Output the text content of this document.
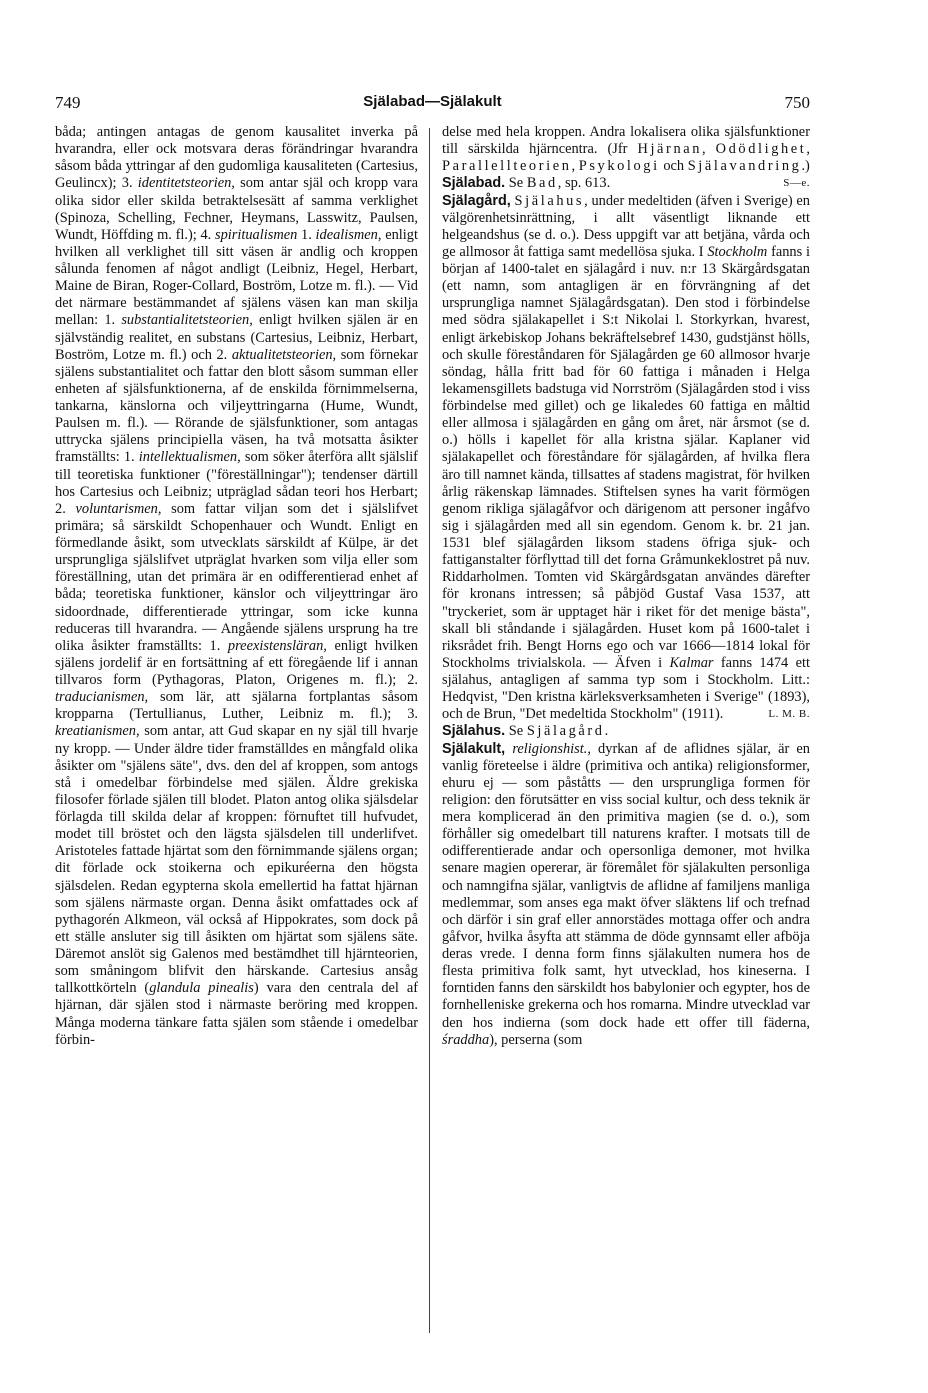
749	Själabad—Själakult	750

båda; antingen antagas de genom kausalitet inverka på hvarandra, eller ock motsvara deras förändringar hvarandra såsom båda yttringar af den gudomliga kausaliteten (Cartesius, Geulincx); 3. identitetsteorien, som antar själ och kropp vara olika sidor eller skilda betraktelsesätt af samma verklighet (Spinoza, Schelling, Fechner, Heymans, Lasswitz, Paulsen, Wundt, Höffding m. fl.); 4. spiritualismen 1. idealismen, enligt hvilken all verklighet till sitt väsen är andlig och kroppen sålunda fenomen af något andligt (Leibniz, Hegel, Herbart, Maine de Biran, Roger-Collard, Boström, Lotze m. fl.). — Vid det närmare bestämmandet af själens väsen kan man skilja mellan: 1. substantialitetsteorien, enligt hvilken själen är en självständig realitet, en substans (Cartesius, Leibniz, Herbart, Boström, Lotze m. fl.) och 2. aktualitetsteorien, som förnekar själens substantialitet och fattar den blott såsom summan eller enheten af själsfunktionerna, af de enskilda förnimmelserna, tankarna, känslorna och viljeyttringarna (Hume, Wundt, Paulsen m. fl.). — Rörande de själsfunktioner, som antagas uttrycka själens principiella väsen, ha två motsatta åsikter framställts: 1. intellektualismen, som söker återföra allt själslif till teoretiska funktioner ("föreställningar"); tendenser därtill hos Cartesius och Leibniz; utpräglad sådan teori hos Herbart; 2. voluntarismen, som fattar viljan som det i själslifvet primära; så särskildt Schopenhauer och Wundt. Enligt en förmedlande åsikt, som utvecklats särskildt af Külpe, är det ursprungliga själslifvet utpräglat hvarken som vilja eller som föreställning, utan det primära är en odifferentierad enhet af båda; teoretiska funktioner, känslor och viljeyttringar äro sidoordnade, differentierade yttringar, som icke kunna reduceras till hvarandra. — Angående själens ursprung ha tre olika åsikter framställts: 1. preexistensläran, enligt hvilken själens jordelif är en fortsättning af ett föregående lif i annan tillvaros form (Pythagoras, Platon, Origenes m. fl.); 2. traducianismen, som lär, att själarna fortplantas såsom kropparna (Tertullianus, Luther, Leibniz m. fl.); 3. kreatianismen, som antar, att Gud skapar en ny själ till hvarje ny kropp. — Under äldre tider framställdes en mångfald olika åsikter om "själens säte", dvs. den del af kroppen, som antogs stå i omedelbar förbindelse med själen. Äldre grekiska filosofer förlade själen till blodet. Platon antog olika själsdelar förlagda till skilda delar af kroppen: förnuftet till hufvudet, modet till bröstet och den lägsta själsdelen till underlifvet. Aristoteles fattade hjärtat som den förnimmande själens organ; dit förlade ock stoikerna och epikuréerna den högsta själsdelen. Redan egypterna skola emellertid ha fattat hjärnan som själens närmaste organ. Denna åsikt omfattades ock af pythagorén Alkmeon, väl också af Hippokrates, som dock på ett ställe ansluter sig till åsikten om hjärtat som själens säte. Däremot anslöt sig Galenos med bestämdhet till hjärnteorien, som småningom blifvit den härskande. Cartesius ansåg tallkottkörteln (glandula pinealis) vara den centrala del af hjärnan, där själen stod i närmaste beröring med kroppen. Många moderna tänkare fatta själen som stående i omedelbar förbin-

delse med hela kroppen. Andra lokalisera olika själsfunktioner till särskilda hjärncentra. (Jfr Hjärnan, Odödlighet, Parallellteorien, Psykologi och Själavandring.)
S—e.

Själabad. Se Bad, sp. 613.

Själagård, Själahus, under medeltiden (äfven i Sverige) en välgörenhetsinrättning, i allt väsentligt liknande ett helgeandshus (se d. o.). Dess uppgift var att betjäna, vårda och ge allmosor åt fattiga samt medellösa sjuka. I Stockholm fanns i början af 1400-talet en själagård i nuv. n:r 13 Skärgårdsgatan (ett namn, som antagligen är en förvrängning af det ursprungliga namnet Själagårdsgatan). Den stod i förbindelse med södra själakapellet i S:t Nikolai l. Storkyrkan, hvarest, enligt ärkebiskop Johans bekräftelsebref 1430, gudstjänst hölls, och skulle föreståndaren för Själagården ge 60 allmosor hvarje söndag, hålla fritt bad för 60 fattiga i månaden i Helga lekamensgillets badstuga vid Norrström (Själagården stod i viss förbindelse med gillet) och ge likaledes 60 fattiga en måltid eller allmosa i själagården en gång om året, när årsmot (se d. o.) hölls i kapellet för alla kristna själar. Kaplaner vid själakapellet och föreståndare för själagården, af hvilka flera äro till namnet kända, tillsattes af stadens magistrat, för hvilken årlig räkenskap lämnades. Stiftelsen synes ha varit förmögen genom rikliga själagåfvor och därigenom att personer ingåfvo sig i själagården med all sin egendom. Genom k. br. 21 jan. 1531 blef själagården liksom stadens öfriga sjuk- och fattiganstalter förflyttad till det forna Gråmunkeklostret på nuv. Riddarholmen. Tomten vid Skärgårdsgatan användes därefter för kronans intressen; så påbjöd Gustaf Vasa 1537, att "tryckeriet, som är upptaget här i riket för det menige bästa", skall bli ståndande i själagården. Huset kom på 1600-talet i riksrådet frih. Bengt Horns ego och var 1666—1814 lokal för Stockholms trivialskola. — Äfven i Kalmar fanns 1474 ett själahus, antagligen af samma typ som i Stockholm. Litt.: Hedqvist, "Den kristna kärleksverksamheten i Sverige" (1893), och de Brun, "Det medeltida Stockholm" (1911).	L. M. B.

Själahus. Se Själagård.

Själakult, religionshist., dyrkan af de aflidnes själar, är en vanlig företeelse i äldre (primitiva och antika) religionsformer, ehuru ej — som påståtts — den ursprungliga formen för religion: den förutsätter en viss social kultur, och dess teknik är mera komplicerad än den primitiva magien (se d. o.), som förhåller sig omedelbart till naturens krafter. I motsats till de odifferentierade andar och opersonliga demoner, mot hvilka senare magien opererar, är föremålet för själakulten personliga och namngifna själar, vanligtvis de aflidne af familjens manliga medlemmar, som anses ega makt öfver släktens lif och trefnad och därför i sin graf eller annorstädes mottaga offer och andra gåfvor, hvilka åsyfta att stämma de döde gynnsamt eller afböja deras vrede. I denna form finns själakulten numera hos de flesta primitiva folk samt, hyt utvecklad, hos kineserna. I forntiden fanns den särskildt hos babylonier och egypter, hos de fornhelleniske grekerna och hos romarna. Mindre utvecklad var den hos indierna (som dock hade ett offer till fäderna, śraddha), perserna (som
